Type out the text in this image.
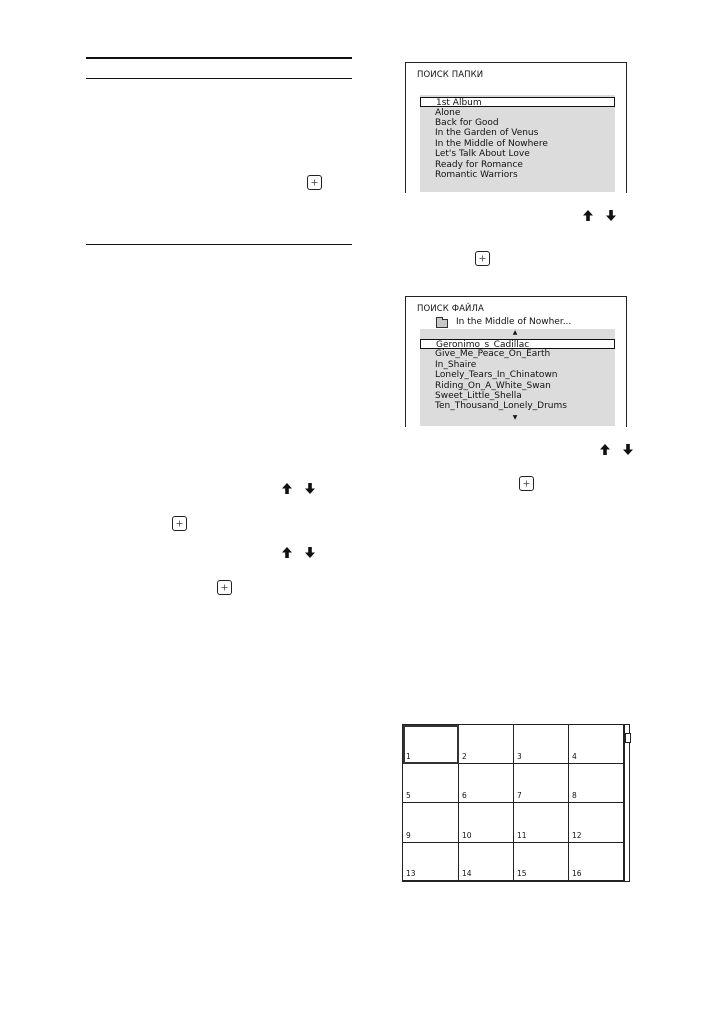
ПОИСК ПАПКИ
1st Album
Alone
Back for Good
In the Garden of Venus
In the Middle of Nowhere
Let's Talk About Love
Ready for Romance
Romantic Warriors
ПОИСК ФАЙЛА
In the Middle of Nowher...
▲
Geronimo_s_Cadillac
Give_Me_Peace_On_Earth
In_Shaire
Lonely_Tears_In_Chinatown
Riding_On_A_White_Swan
Sweet_Little_Shella
Ten_Thousand_Lonely_Drums
▼
1	2	3	4
5	6	7	8
9	10	11	12
13	14	15	16
